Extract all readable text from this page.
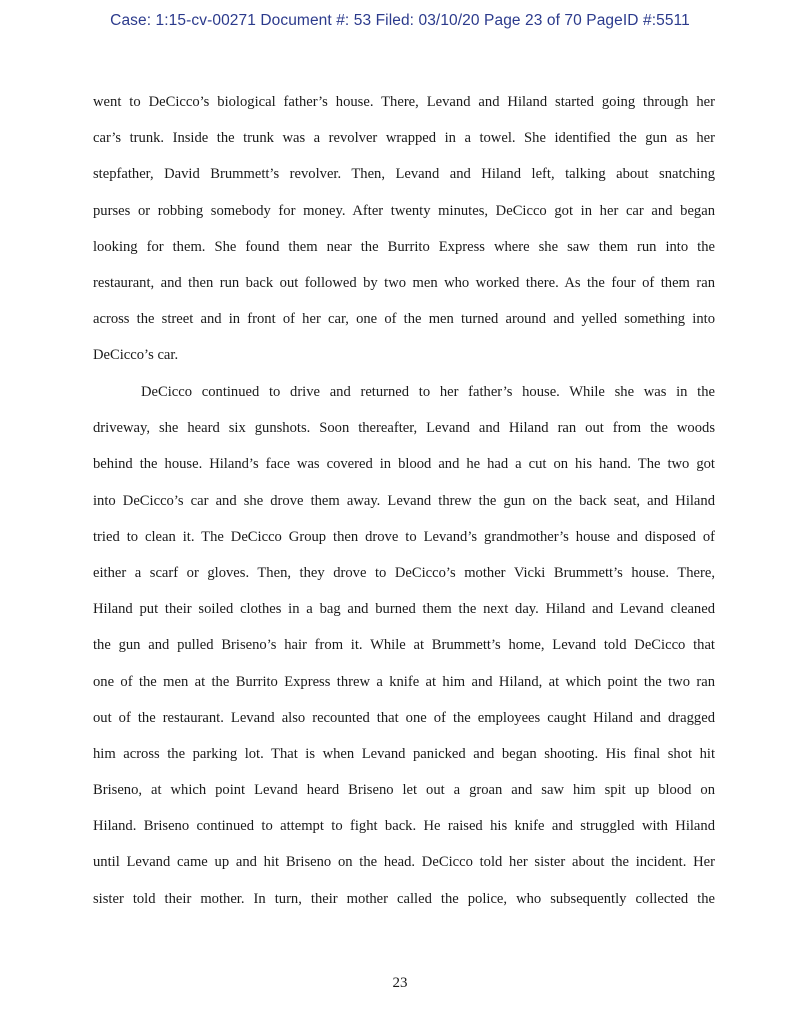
Case: 1:15-cv-00271 Document #: 53 Filed: 03/10/20 Page 23 of 70 PageID #:5511
went to DeCicco’s biological father’s house. There, Levand and Hiland started going through her
car’s trunk. Inside the trunk was a revolver wrapped in a towel. She identified the gun as her
stepfather, David Brummett’s revolver. Then, Levand and Hiland left, talking about snatching
purses or robbing somebody for money. After twenty minutes, DeCicco got in her car and began
looking for them. She found them near the Burrito Express where she saw them run into the
restaurant, and then run back out followed by two men who worked there. As the four of them ran
across the street and in front of her car, one of the men turned around and yelled something into
DeCicco’s car.
DeCicco continued to drive and returned to her father’s house. While she was in the
driveway, she heard six gunshots. Soon thereafter, Levand and Hiland ran out from the woods
behind the house. Hiland’s face was covered in blood and he had a cut on his hand. The two got
into DeCicco’s car and she drove them away. Levand threw the gun on the back seat, and Hiland
tried to clean it. The DeCicco Group then drove to Levand’s grandmother’s house and disposed of
either a scarf or gloves. Then, they drove to DeCicco’s mother Vicki Brummett’s house. There,
Hiland put their soiled clothes in a bag and burned them the next day. Hiland and Levand cleaned
the gun and pulled Briseno’s hair from it. While at Brummett’s home, Levand told DeCicco that
one of the men at the Burrito Express threw a knife at him and Hiland, at which point the two ran
out of the restaurant. Levand also recounted that one of the employees caught Hiland and dragged
him across the parking lot. That is when Levand panicked and began shooting. His final shot hit
Briseno, at which point Levand heard Briseno let out a groan and saw him spit up blood on
Hiland. Briseno continued to attempt to fight back. He raised his knife and struggled with Hiland
until Levand came up and hit Briseno on the head. DeCicco told her sister about the incident. Her
sister told their mother. In turn, their mother called the police, who subsequently collected the
23
